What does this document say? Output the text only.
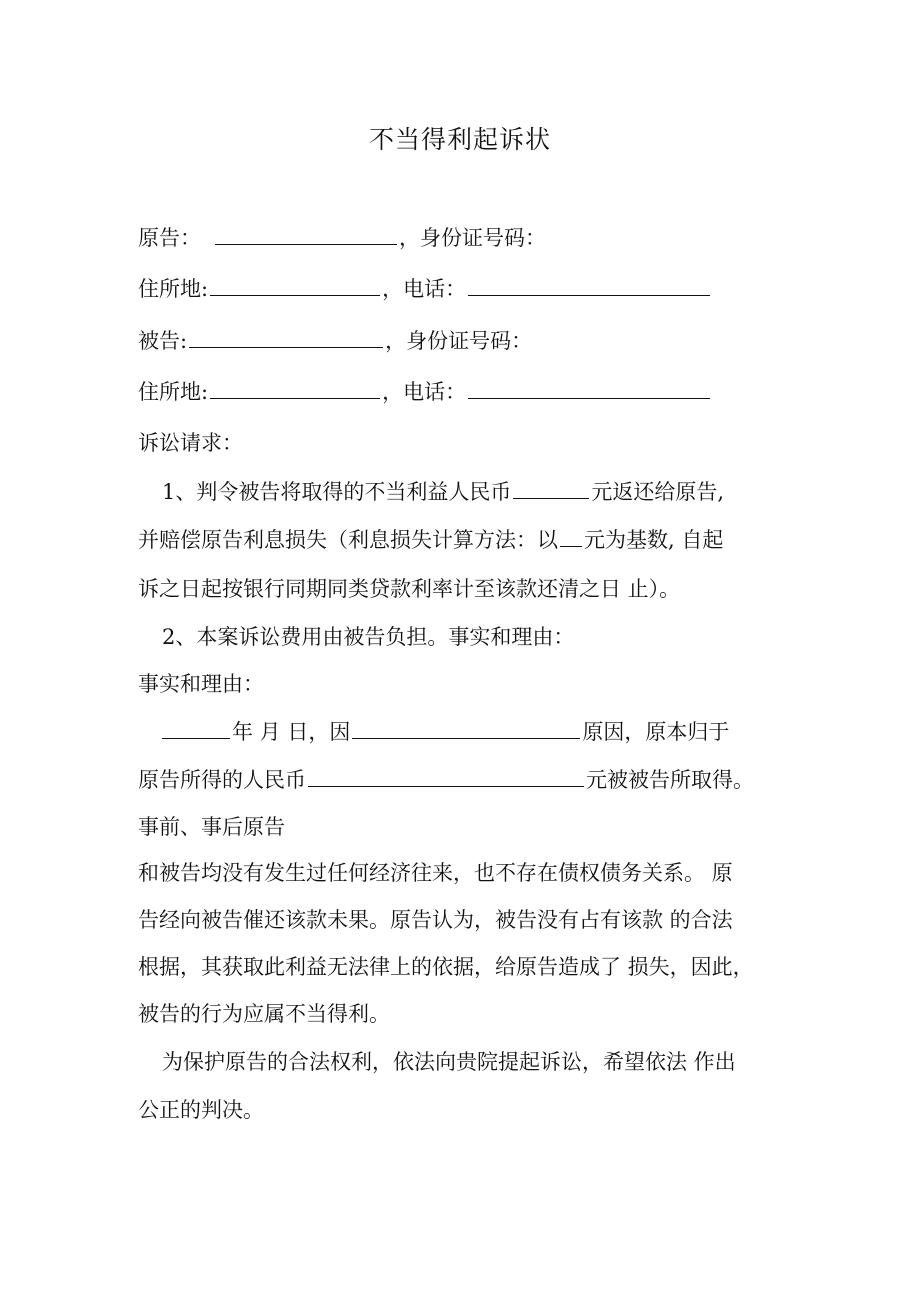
不当得利起诉状
原告：	，身份证号码：
住所地:	，电话：
被告:	，身份证号码：
住所地:	，电话：
诉讼请求：
1、判令被告将取得的不当利益人民币	元返还给原告,
并赔偿原告利息损失（利息损失计算方法：以 元为基数, 自起
诉之日起按银行同期同类贷款利率计至该款还清之日 止）。
2、本案诉讼费用由被告负担。事实和理由：
事实和理由：
年 月 日，因	原因，原本归于
原告所得的人民币	元被被告所取得。
事前、事后原告
和被告均没有发生过任何经济往来，也不存在债权债务关系。 原
告经向被告催还该款未果。原告认为，被告没有占有该款 的合法
根据，其获取此利益无法律上的依据，给原告造成了 损失，因此，
被告的行为应属不当得利。
为保护原告的合法权利，依法向贵院提起诉讼，希望依法 作出
公正的判决。
